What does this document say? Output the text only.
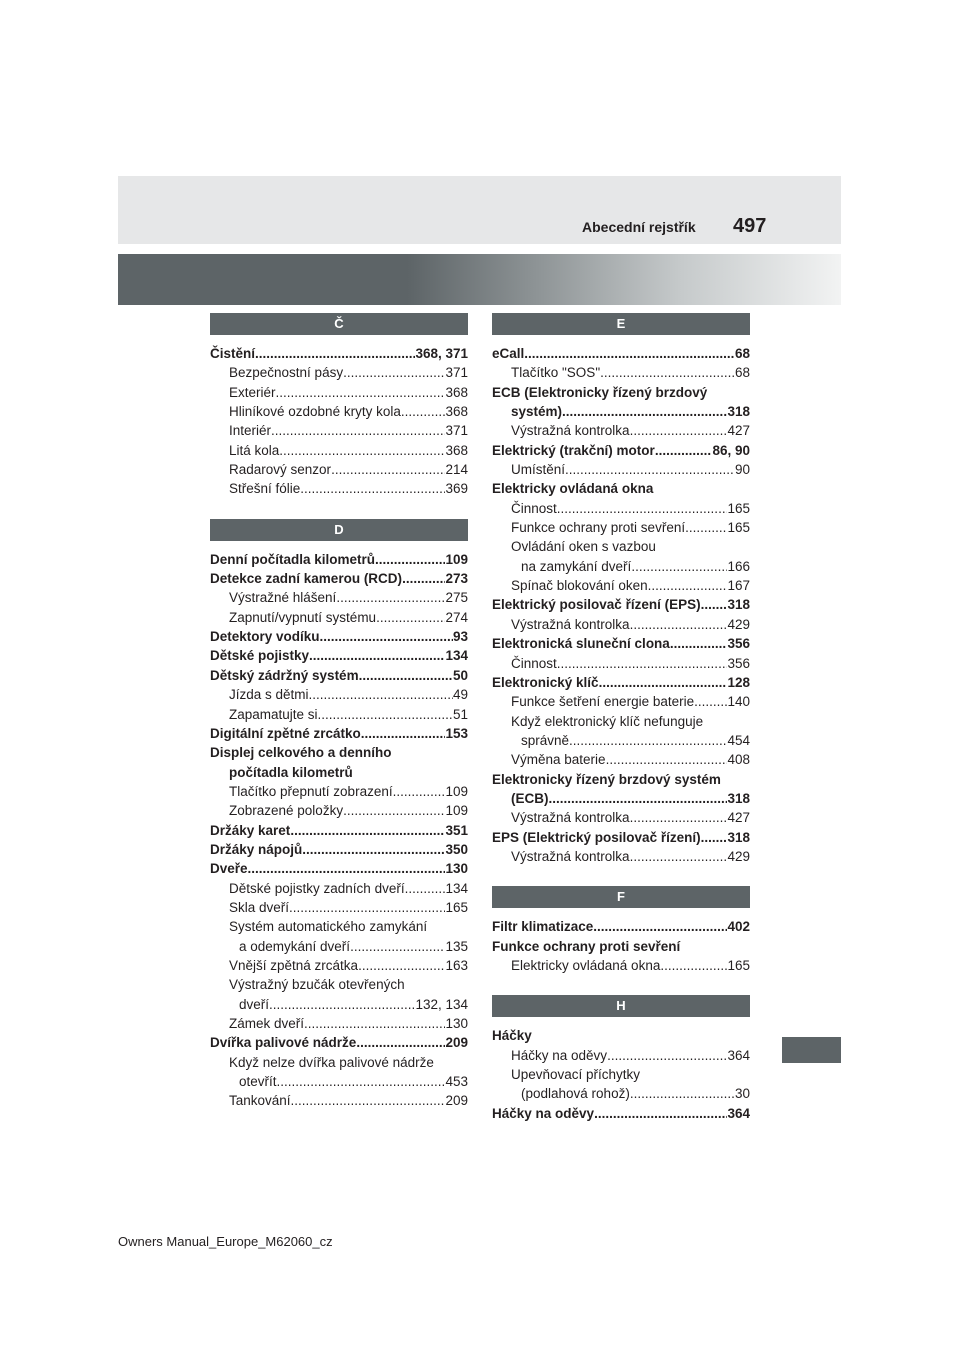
Abecední rejstřík 497
Č
Čistění .....	368, 371
Bezpečnostní pásy .....	371
Exteriér .....	368
Hliníkové ozdobné kryty kola .....	368
Interiér .....	371
Litá kola .....	368
Radarový senzor .....	214
Střešní fólie .....	369
D
Denní počítadla kilometrů .....	109
Detekce zadní kamerou (RCD) .....	273
Výstražné hlášení .....	275
Zapnutí/vypnutí systému .....	274
Detektory vodíku .....	93
Dětské pojistky .....	134
Dětský zádržný systém .....	50
Jízda s dětmi .....	49
Zapamatujte si .....	51
Digitální zpětné zrcátko .....	153
Displej celkového a denního
počítadla kilometrů
Tlačítko přepnutí zobrazení .....	109
Zobrazené položky .....	109
Držáky karet .....	351
Držáky nápojů .....	350
Dveře .....	130
Dětské pojistky zadních dveří .....	134
Skla dveří .....	165
Systém automatického zamykání
a odemykání dveří .....	135
Vnější zpětná zrcátka .....	163
Výstražný bzučák otevřených
dveří .....	132, 134
Zámek dveří .....	130
Dvířka palivové nádrže .....	209
Když nelze dvířka palivové nádrže
otevřít .....	453
Tankování .....	209
E
eCall .....	68
Tlačítko "SOS" .....	68
ECB (Elektronicky řízený brzdový
systém) .....	318
Výstražná kontrolka .....	427
Elektrický (trakční) motor .....	86, 90
Umístění .....	90
Elektricky ovládaná okna
Činnost .....	165
Funkce ochrany proti sevření .....	165
Ovládání oken s vazbou
na zamykání dveří .....	166
Spínač blokování oken .....	167
Elektrický posilovač řízení (EPS) ..... 318
Výstražná kontrolka .....	429
Elektronická sluneční clona .....	356
Činnost .....	356
Elektronický klíč .....	128
Funkce šetření energie baterie ..... 140
Když elektronický klíč nefunguje
správně .....	454
Výměna baterie .....	408
Elektronicky řízený brzdový systém
(ECB) .....	318
Výstražná kontrolka .....	427
EPS (Elektrický posilovač řízení) ..... 318
Výstražná kontrolka .....	429
F
Filtr klimatizace .....	402
Funkce ochrany proti sevření
Elektricky ovládaná okna .....	165
H
Háčky
Háčky na oděvy .....	364
Upevňovací příchytky
(podlahová rohož) .....	30
Háčky na oděvy .....	364
Owners Manual_Europe_M62060_cz
